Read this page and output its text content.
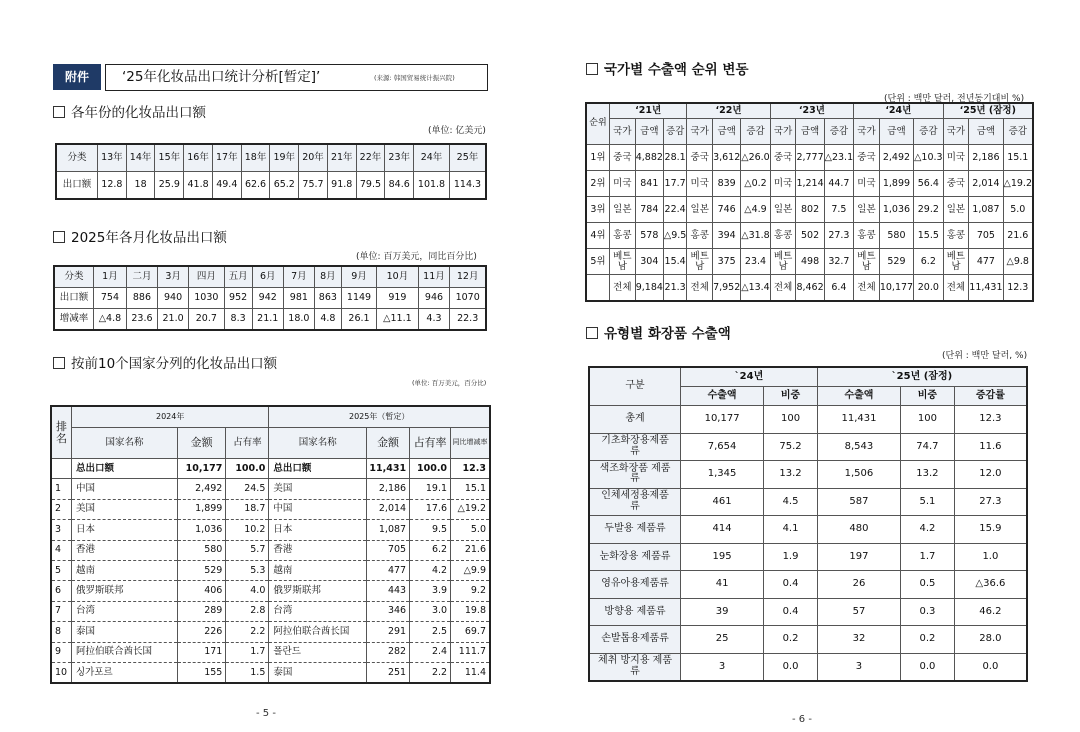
附件	‘25年化妆品出口统计分析[暂定]’	(来源: 韩国贸易统计振兴院)
各年份的化妆品出口额
(单位: 亿美元)
分类	13年	14年	15年	16年	17年	18年	19年	20年	21年	22年	23年	24年	25年
出口额	12.8	18	25.9	41.8	49.4	62.6	65.2	75.7	91.8	79.5	84.6	101.8	114.3
2025年各月化妆品出口额
(单位: 百万美元，同比百分比)
分类	1月	二月	3月	四月	五月	6月	7月	8月	9月	10月	11月	12月
出口额	754	886	940	1030	952	942	981	863	1149	919	946	1070
增减率	△4.8	23.6	21.0	20.7	8.3	21.1	18.0	4.8	26.1	△11.1	4.3	22.3
按前10个国家分列的化妆品出口额
(单位: 百万美元，百分比)
排名	2024年			2025年（暂定）			
	国家名称	金额	占有率	国家名称	金额	占有率	同比增减率
	总出口额	10,177	100.0	总出口额	11,431	100.0	12.3
1	中国	2,492	24.5	美国	2,186	19.1	15.1
2	美国	1,899	18.7	中国	2,014	17.6	△19.2
3	日本	1,036	10.2	日本	1,087	9.5	5.0
4	香港	580	5.7	香港	705	6.2	21.6
5	越南	529	5.3	越南	477	4.2	△9.9
6	俄罗斯联邦	406	4.0	俄罗斯联邦	443	3.9	9.2
7	台湾	289	2.8	台湾	346	3.0	19.8
8	泰国	226	2.2	阿拉伯联合酋长国	291	2.5	69.7
9	阿拉伯联合酋长国	171	1.7	폴란드	282	2.4	111.7
10	싱가포르	155	1.5	泰国	251	2.2	11.4
- 5 -
국가별 수출액 순위 변동
(단위 : 백만 달러, 전년동기대비 %)
순위	‘21년			‘22년			‘23년			‘24년			‘25년 (잠정)		
	국가	금액	증감	국가	금액	증감	국가	금액	증감	국가	금액	증감	국가	금액	증감
1위	중국	4,882	28.1	중국	3,612	△26.0	중국	2,777	△23.1	중국	2,492	△10.3	미국	2,186	15.1
2위	미국	841	17.7	미국	839	△0.2	미국	1,214	44.7	미국	1,899	56.4	중국	2,014	△19.2
3위	일본	784	22.4	일본	746	△4.9	일본	802	7.5	일본	1,036	29.2	일본	1,087	5.0
4위	홍콩	578	△9.5	홍콩	394	△31.8	홍콩	502	27.3	홍콩	580	15.5	홍콩	705	21.6
5위	베트남	304	15.4	베트남	375	23.4	베트남	498	32.7	베트남	529	6.2	베트남	477	△9.8
	전체	9,184	21.3	전체	7,952	△13.4	전체	8,462	6.4	전체	10,177	20.0	전체	11,431	12.3
유형별 화장품 수출액
(단위 : 백만 달러, %)
구분	`24년		`25년 (잠정)		
	수출액	비중	수출액	비중	증감률
총계	10,177	100	11,431	100	12.3
기초화장용제품류	7,654	75.2	8,543	74.7	11.6
색조화장품 제품류	1,345	13.2	1,506	13.2	12.0
인체세정용제품류	461	4.5	587	5.1	27.3
두발용 제품류	414	4.1	480	4.2	15.9
눈화장용 제품류	195	1.9	197	1.7	1.0
영유아용제품류	41	0.4	26	0.5	△36.6
방향용 제품류	39	0.4	57	0.3	46.2
손발톱용제품류	25	0.2	32	0.2	28.0
체취 방지용 제품류	3	0.0	3	0.0	0.0
- 6 -
